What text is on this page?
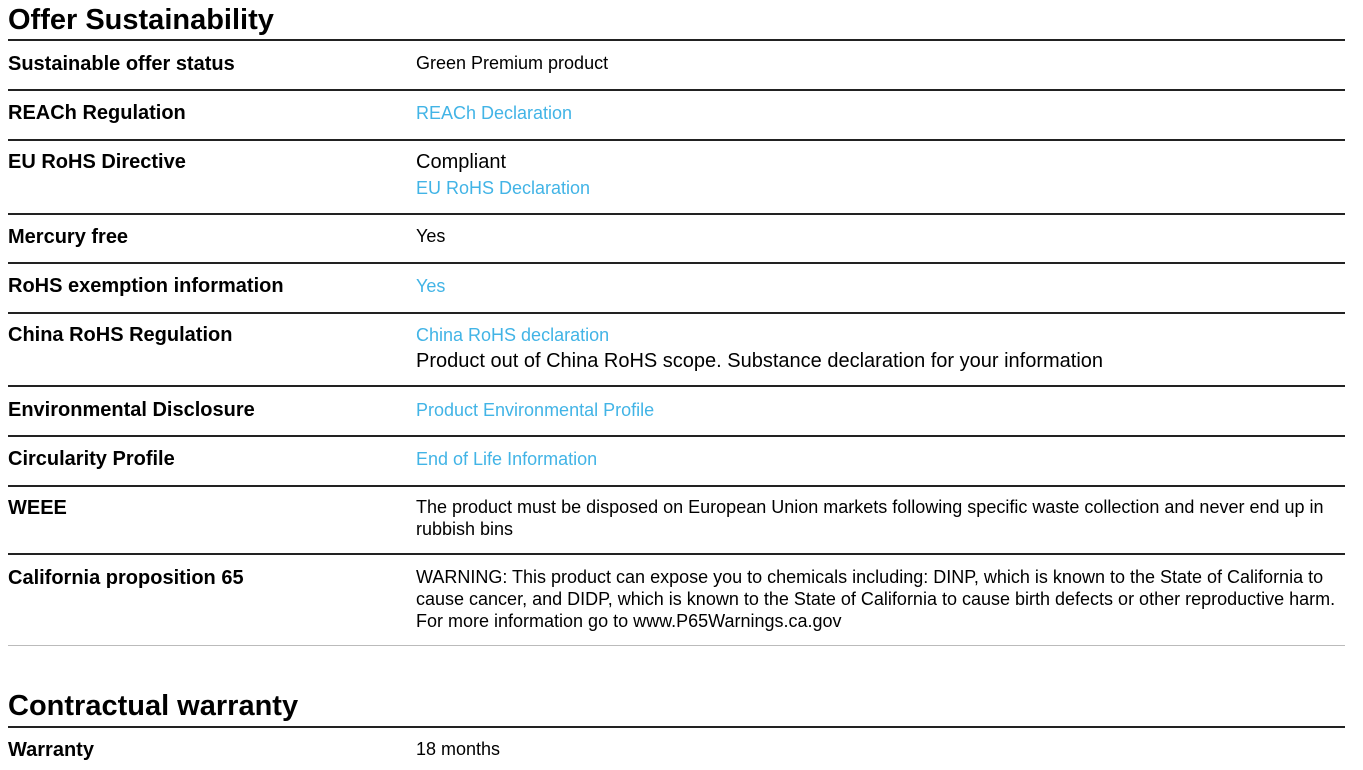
Offer Sustainability
Sustainable offer status	Green Premium product
REACh Regulation	REACh Declaration
EU RoHS Directive	Compliant
EU RoHS Declaration
Mercury free	Yes
RoHS exemption information	Yes
China RoHS Regulation	China RoHS declaration
Product out of China RoHS scope. Substance declaration for your information
Environmental Disclosure	Product Environmental Profile
Circularity Profile	End of Life Information
WEEE	The product must be disposed on European Union markets following specific waste collection and never end up in rubbish bins
California proposition 65	WARNING: This product can expose you to chemicals including: DINP, which is known to the State of California to cause cancer, and DIDP, which is known to the State of California to cause birth defects or other reproductive harm. For more information go to www.P65Warnings.ca.gov
Contractual warranty
Warranty	18 months
